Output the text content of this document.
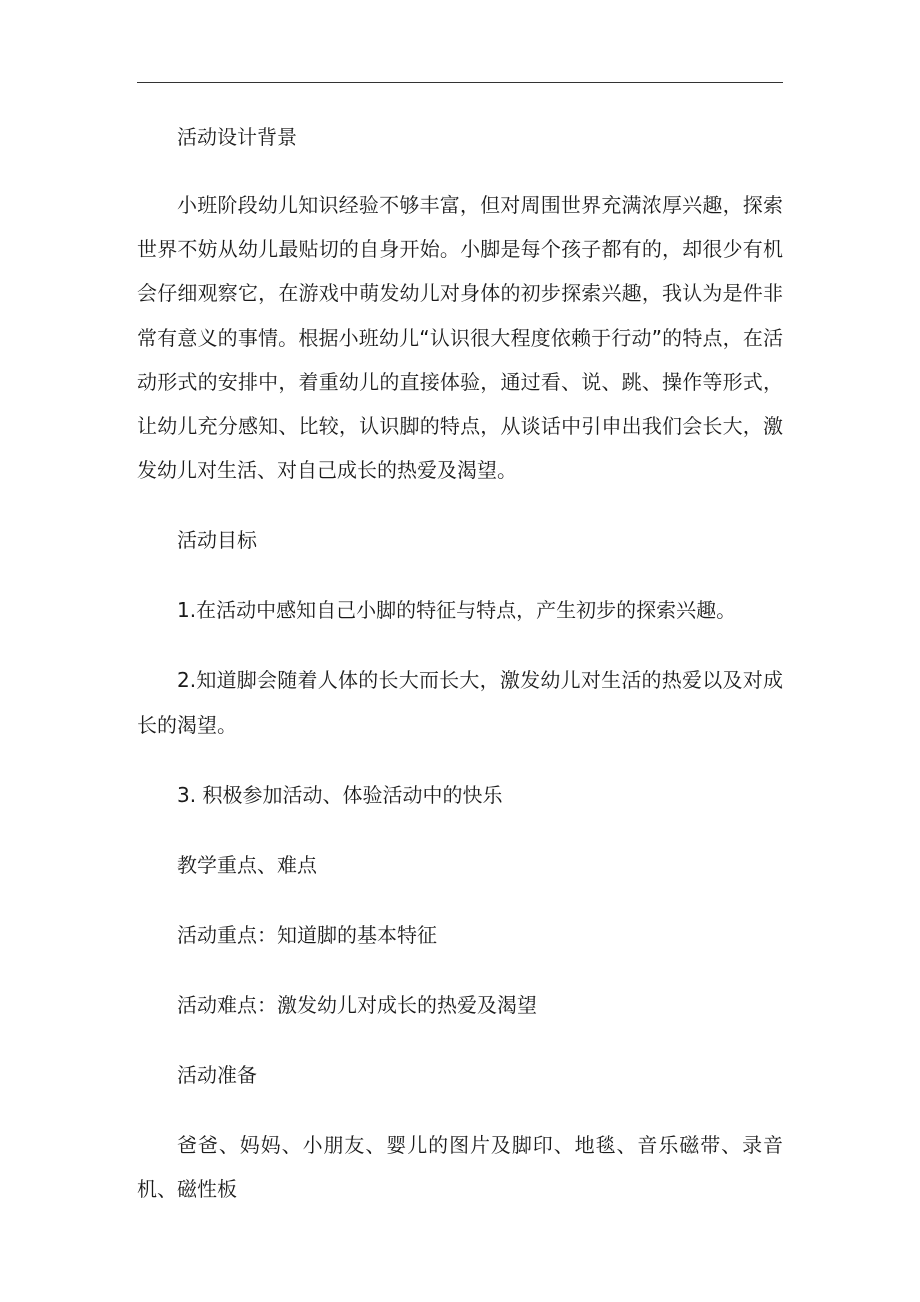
活动设计背景

小班阶段幼儿知识经验不够丰富，但对周围世界充满浓厚兴趣，探索世界不妨从幼儿最贴切的自身开始。小脚是每个孩子都有的，却很少有机会仔细观察它，在游戏中萌发幼儿对身体的初步探索兴趣，我认为是件非常有意义的事情。根据小班幼儿“认识很大程度依赖于行动”的特点，在活动形式的安排中，着重幼儿的直接体验，通过看、说、跳、操作等形式，让幼儿充分感知、比较，认识脚的特点，从谈话中引申出我们会长大，激发幼儿对生活、对自己成长的热爱及渴望。

活动目标

1.在活动中感知自己小脚的特征与特点，产生初步的探索兴趣。

2.知道脚会随着人体的长大而长大，激发幼儿对生活的热爱以及对成长的渴望。

3. 积极参加活动、体验活动中的快乐

教学重点、难点

活动重点：知道脚的基本特征

活动难点：激发幼儿对成长的热爱及渴望

活动准备

爸爸、妈妈、小朋友、婴儿的图片及脚印、地毯、音乐磁带、录音机、磁性板
